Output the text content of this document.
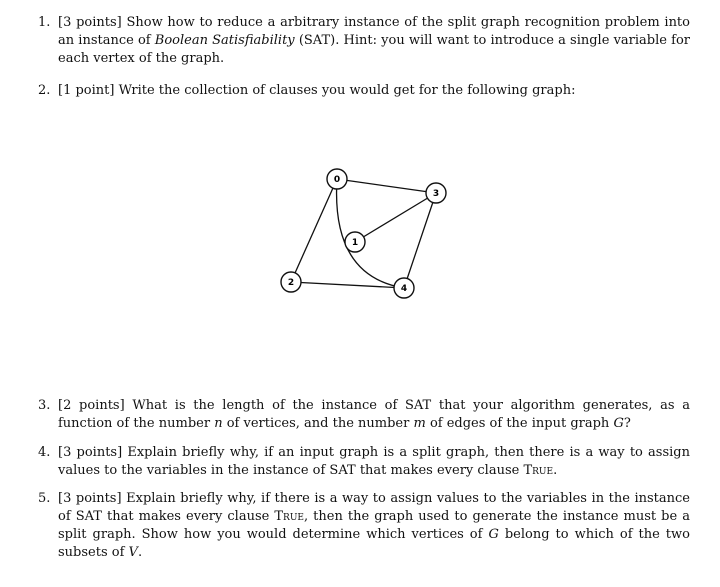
1. [3 points] Show how to reduce a arbitrary instance of the split graph recognition problem into an instance of Boolean Satisfiability (SAT). Hint: you will want to introduce a single variable for each vertex of the graph.
2. [1 point] Write the collection of clauses you would get for the following graph:
0
1
2
3
4
3. [2 points] What is the length of the instance of SAT that your algorithm generates, as a function of the number n of vertices, and the number m of edges of the input graph G?
4. [3 points] Explain briefly why, if an input graph is a split graph, then there is a way to assign values to the variables in the instance of SAT that makes every clause True.
5. [3 points] Explain briefly why, if there is a way to assign values to the variables in the instance of SAT that makes every clause True, then the graph used to generate the instance must be a split graph. Show how you would determine which vertices of G belong to which of the two subsets of V.
